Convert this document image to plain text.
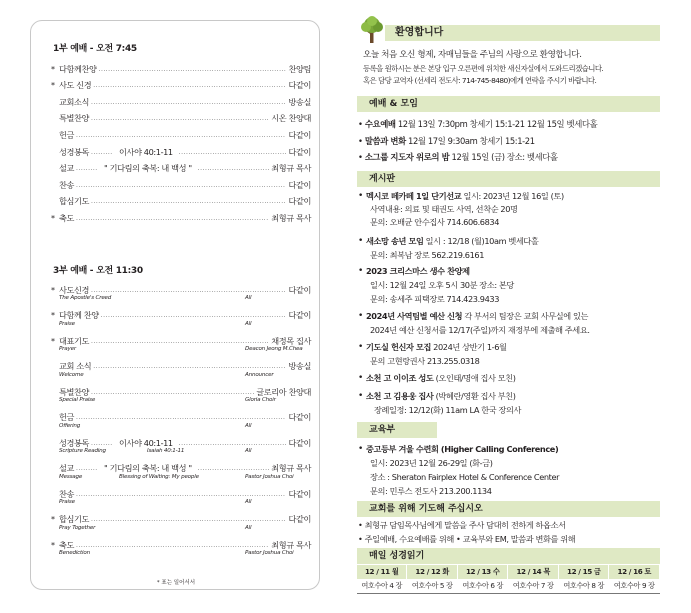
1부 예배 - 오전 7:45
* 다함께찬양 .....	찬양팀
* 사도 신경 .....	다같이
교회소식 .....	방송실
특별찬양 .....	시온 찬양대
헌금 .....	다같이
성경봉독 .....	이사야 40:1-11 .....	다같이
설교 .....	" 기다림의 축복: 내 백성 " .....	최형규 목사
찬송 .....	다같이
합심기도 .....	다같이
* 축도 .....	최형규 목사
3부 예배 - 오전 11:30
* 사도신경 .....	다같이
The Apostle's Creed	All
* 다함께 찬양 .....	다같이
Praise	All
* 대표기도 .....	채정목 집사
Prayer	Deacon Jeong M.Chea
교회 소식 .....	방송실
Welcome	Announcer
특별찬양 .....	글로리아 찬양대
Special Praise	Gloria Choir
헌금 .....	다같이
Offering	All
성경봉독 .....	이사야 40:1-11 .....	다같이
Scripture Reading	Isaiah 40:1-11	All
설교 .....	" 기다림의 축복: 내 백성 " .....	최형규 목사
Message	Blessing of Waiting: My people	Pastor Joshua Choi
찬송 .....	다같이
Praise	All
* 합심기도 .....	다같이
Pray Together	All
* 축도 .....	최형규 목사
Benediction	Pastor Joshua Choi
* 표는 일어서서
환영합니다
오늘 처음 오신 형제, 자매님들을 주님의 사랑으로 환영합니다.
등록을 원하시는 분은 본당 입구 오른편에 위치한 새신자실에서 도와드리겠습니다.
혹은 담당 교역자 (선세리 전도사: 714-745-8480)에게 연락을 주시기 바랍니다.
예배 & 모임
• 수요예배 12월 13일 7:30pm 창세기 15:1-21 12월 15일 벳세다홀
• 말씀과 변화 12월 17일 9:30am 창세기 15:1-21
• 소그룹 지도자 위로의 밤 12월 15일 (금) 장소: 벳세다홀
게시판
• 멕시코 떼카떼 1일 단기선교 일시: 2023년 12월 16일 (토)
사역내용: 의료 및 태권도 사역, 선착순 20명
문의: 오배균 안수집사 714.606.6834
• 새소망 송년 모임 일시 : 12/18 (월)10am 벳세다홀
문의: 최복남 장로 562.219.6161
• 2023 크리스마스 생수 찬양제
일시: 12월 24일 오후 5시 30분 장소: 본당
문의: 송세주 피택장로 714.423.9433
• 2024년 사역팀별 예산 신청 각 부서의 팀장은 교회 사무실에 있는
2024년 예산 신청서를 12/17(주일)까지 재정부에 제출해 주세요.
• 기도실 헌신자 모집 2024년 상반기 1-6월
문의 고현랑권사 213.255.0318
• 소천 고 이이조 성도 (오인태/명애 집사 모친)
• 소천 고 김용웅 집사 (박혜란/영환 집사 부친)
장례일정: 12/12(화) 11am LA 한국 장의사
교육부
• 중고등부 겨울 수련회 (Higher Calling Conference)
일시: 2023년 12월 26-29일 (화-금)
장소 : Sheraton Fairplex Hotel & Conference Center
문의: 민루스 전도사 213.200.1134
교회를 위해 기도해 주십시오
• 최형규 담임목사님에게 말씀을 주사 담대히 전하게 하옵소서
• 주일예배, 수요예배를 위해 • 교육부와 EM, 말씀과 변화를 위해
매일 성경읽기
12 / 11 월	12 / 12 화	12 / 13 수	12 / 14 목	12 / 15 금	12 / 16 토
여호수아 4 장	여호수아 5 장	여호수아 6 장	여호수아 7 장	여호수아 8 장	여호수아 9 장
